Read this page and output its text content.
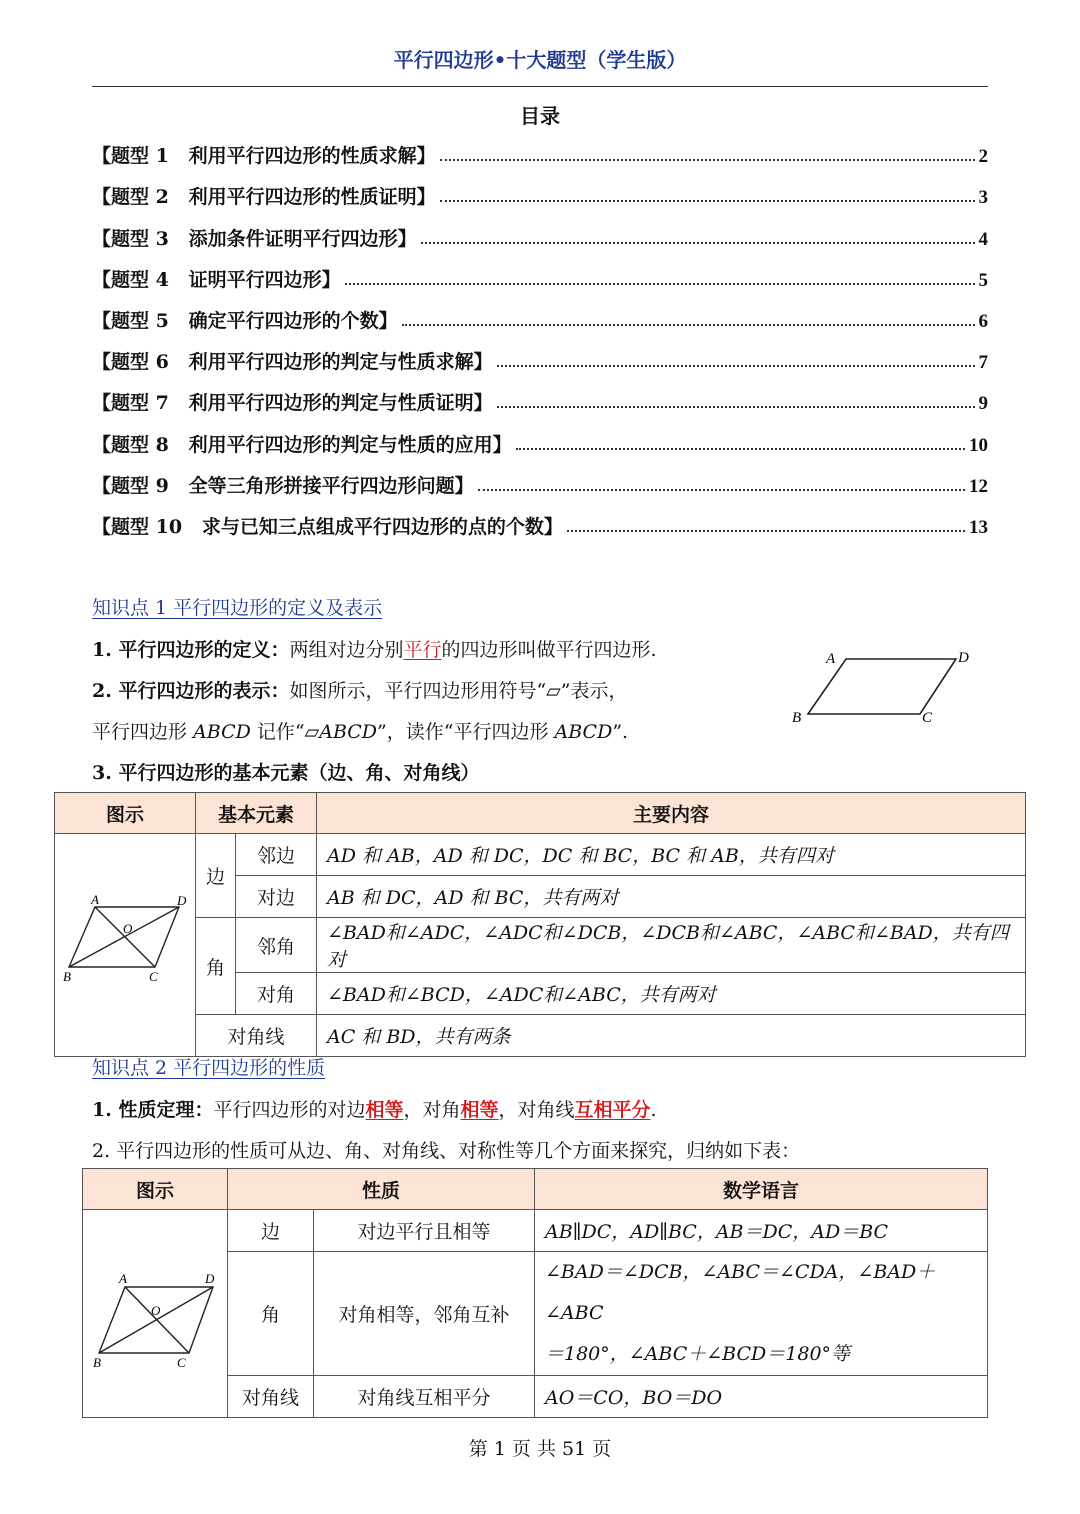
平行四边形•十大题型（学生版）
目录
【题型 1   利用平行四边形的性质求解】	2
【题型 2   利用平行四边形的性质证明】	3
【题型 3   添加条件证明平行四边形】	4
【题型 4   证明平行四边形】	5
【题型 5   确定平行四边形的个数】	6
【题型 6   利用平行四边形的判定与性质求解】	7
【题型 7   利用平行四边形的判定与性质证明】	9
【题型 8   利用平行四边形的判定与性质的应用】	10
【题型 9   全等三角形拼接平行四边形问题】	12
【题型 10   求与已知三点组成平行四边形的点的个数】	13
知识点 1 平行四边形的定义及表示
1. 平行四边形的定义：两组对边分别平行的四边形叫做平行四边形.
2. 平行四边形的表示：如图所示，平行四边形用符号“▱”表示，
平行四边形 ABCD 记作“▱ABCD”，读作“平行四边形 ABCD”.
3. 平行四边形的基本元素（边、角、对角线）
A	D
B	C
图示	基本元素		主要内容

A D
O
B C	边	邻边	AD 和 AB，AD 和 DC，DC 和 BC，BC 和 AB，共有四对
		对边	AB 和 DC，AD 和 BC，共有两对
	角	邻角	∠BAD和∠ADC，∠ADC和∠DCB，∠DCB和∠ABC，∠ABC和∠BAD，共有四对
		对角	∠BAD和∠BCD，∠ADC和∠ABC，共有两对
	对角线		AC 和 BD，共有两条
知识点 2 平行四边形的性质
1. 性质定理：平行四边形的对边相等，对角相等，对角线互相平分.
2. 平行四边形的性质可从边、角、对角线、对称性等几个方面来探究，归纳如下表：
图示	性质		数学语言

A D
O
B C	边	对边平行且相等	AB∥DC，AD∥BC，AB＝DC，AD＝BC
	角	对角相等，邻角互补	∠BAD＝∠DCB，∠ABC＝∠CDA，∠BAD＋∠ABC
＝180°，∠ABC＋∠BCD＝180°等

	对角线	对角线互相平分	AO＝CO，BO＝DO
第 1 页 共 51 页
